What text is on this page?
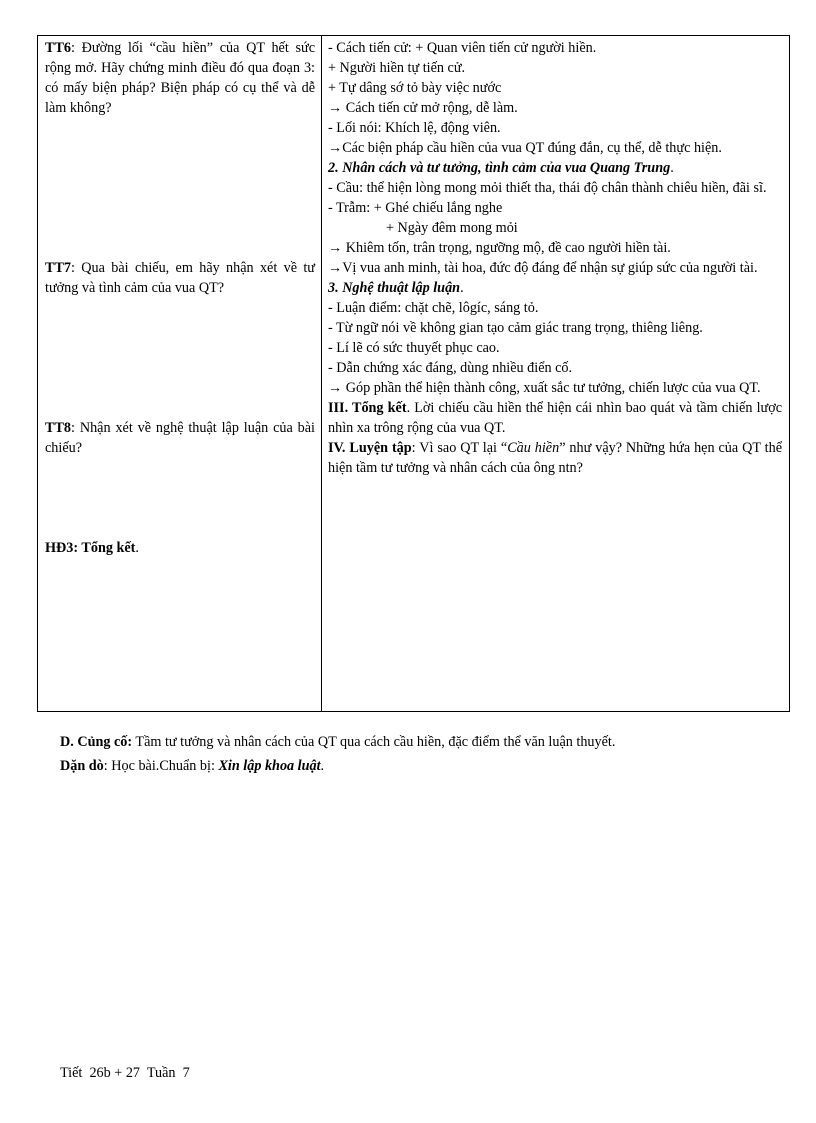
TT6: Đường lối “cầu hiền” của QT hết sức rộng mở. Hãy chứng minh điều đó qua đoạn 3: có mấy biện pháp? Biện pháp có cụ thể và dễ làm không?

TT7: Qua bài chiếu, em hãy nhận xét về tư tưởng và tình cảm của vua QT?

TT8: Nhận xét về nghệ thuật lập luận của bài chiếu?

HĐ3: Tổng kết.

- Cách tiến cử: + Quan viên tiến cử người hiền.

+ Người hiền tự tiến cử.

+ Tự dâng sớ tỏ bày việc nước

→ Cách tiến cử mở rộng, dễ làm.

- Lối nói: Khích lệ, động viên.

→Các biện pháp cầu hiền của vua QT đúng đắn, cụ thể, dễ thực hiện.

2. Nhân cách và tư tưởng, tình cảm của vua Quang Trung.

- Cầu: thể hiện lòng mong mỏi thiết tha, thái độ chân thành chiêu hiền, đãi sĩ.

- Trẫm: + Ghé chiếu lắng nghe

+ Ngày đêm mong mỏi

→ Khiêm tốn, trân trọng, ngưỡng mộ, đề cao người hiền tài.

→Vị vua anh minh, tài hoa, đức độ đáng để nhận sự giúp sức của người tài.

3. Nghệ thuật lập luận.

- Luận điểm: chặt chẽ, lôgíc, sáng tỏ.

- Từ ngữ nói về không gian tạo cảm giác trang trọng, thiêng liêng.

- Lí lẽ có sức thuyết phục cao.

- Dẫn chứng xác đáng, dùng nhiều điển cố.

→ Góp phần thể hiện thành công, xuất sắc tư tưởng, chiến lược của vua QT.

III. Tổng kết. Lời chiếu cầu hiền thể hiện cái nhìn bao quát và tầm chiến lược nhìn xa trông rộng của vua QT.

IV. Luyện tập: Vì sao QT lại “Cầu hiền” như vậy? Những hứa hẹn của QT thể hiện tầm tư tưởng và nhân cách của ông ntn?

D. Củng cố: Tầm tư tưởng và nhân cách của QT qua cách cầu hiền, đặc điểm thể văn luận thuyết.

Dặn dò: Học bài.Chuẩn bị: Xin lập khoa luật.

Tiết  26b + 27  Tuần  7
